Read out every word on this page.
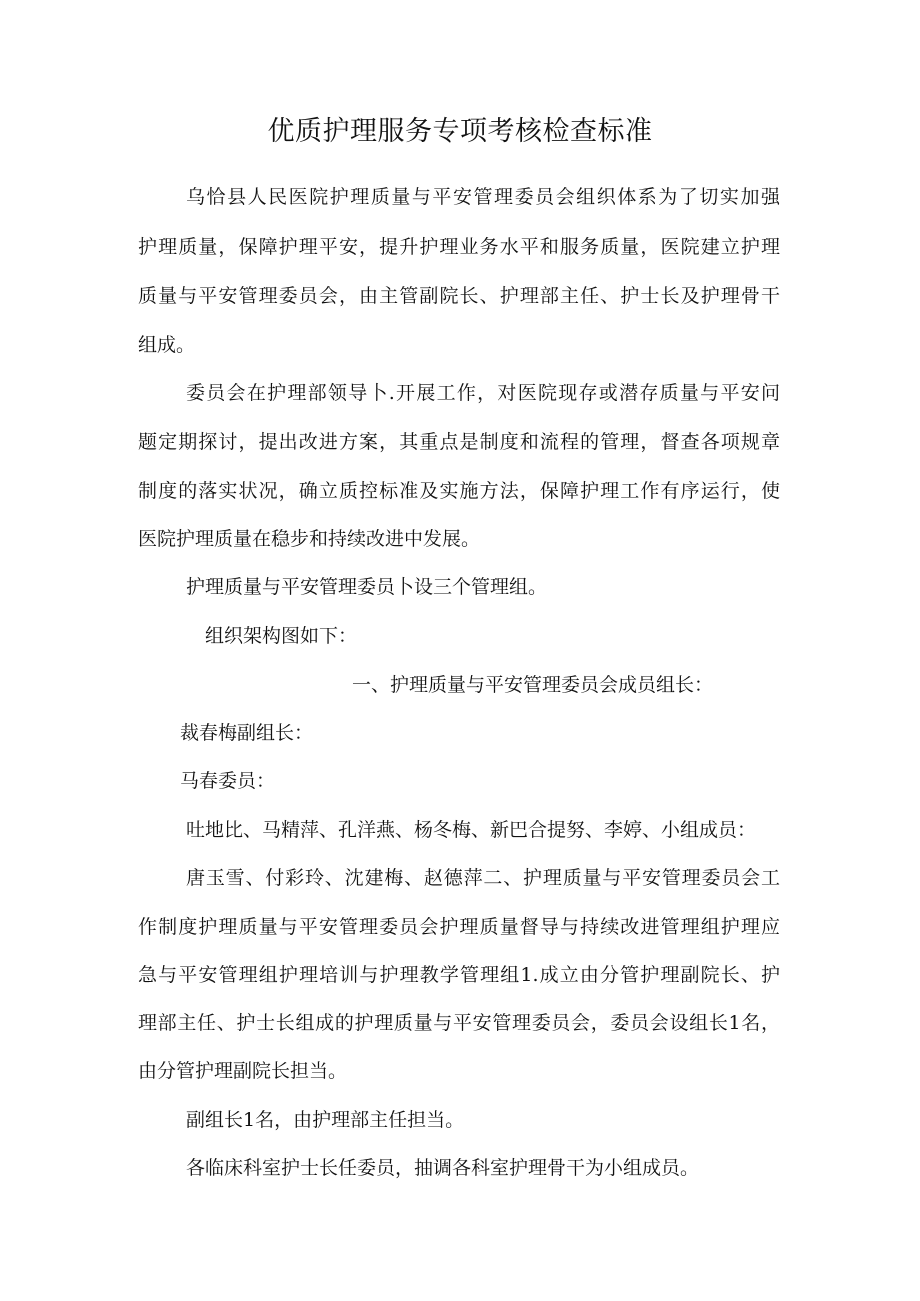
优质护理服务专项考核检查标准
乌恰县人民医院护理质量与平安管理委员会组织体系为了切实加强
护理质量，保障护理平安，提升护理业务水平和服务质量，医院建立护理
质量与平安管理委员会，由主管副院长、护理部主任、护士长及护理骨干
组成。
委员会在护理部领导卜.开展工作，对医院现存或潜存质量与平安问
题定期探讨，提出改进方案，其重点是制度和流程的管理，督查各项规章
制度的落实状况，确立质控标准及实施方法，保障护理工作有序运行，使
医院护理质量在稳步和持续改进中发展。
护理质量与平安管理委员卜设三个管理组。
组织架构图如下：
一、护理质量与平安管理委员会成员组长：
裁春梅副组长：
马春委员：
吐地比、马精萍、孔洋燕、杨冬梅、新巴合提努、李婷、小组成员：
唐玉雪、付彩玲、沈建梅、赵德萍二、护理质量与平安管理委员会工
作制度护理质量与平安管理委员会护理质量督导与持续改进管理组护理应
急与平安管理组护理培训与护理教学管理组1.成立由分管护理副院长、护
理部主任、护士长组成的护理质量与平安管理委员会，委员会设组长1名，
由分管护理副院长担当。
副组长1名，由护理部主任担当。
各临床科室护士长任委员，抽调各科室护理骨干为小组成员。
